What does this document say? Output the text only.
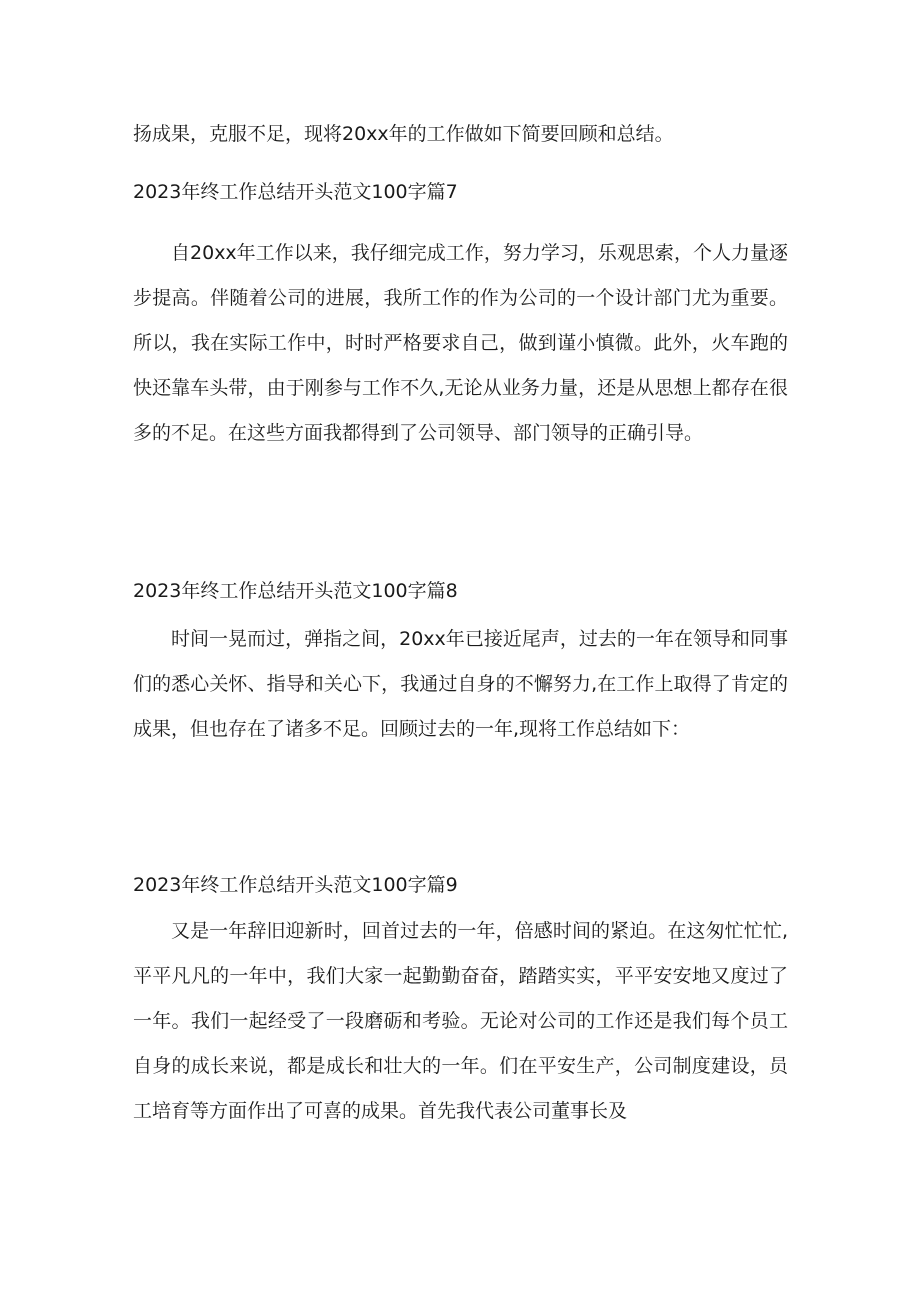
扬成果，克服不足，现将20xx年的工作做如下简要回顾和总结。
2023年终工作总结开头范文100字篇7
自20xx年工作以来，我仔细完成工作，努力学习，乐观思索，个人力量逐步提高。伴随着公司的进展，我所工作的作为公司的一个设计部门尤为重要。所以，我在实际工作中，时时严格要求自己，做到谨小慎微。此外，火车跑的快还靠车头带，由于刚参与工作不久,无论从业务力量，还是从思想上都存在很多的不足。在这些方面我都得到了公司领导、部门领导的正确引导。
2023年终工作总结开头范文100字篇8
时间一晃而过，弹指之间，20xx年已接近尾声，过去的一年在领导和同事们的悉心关怀、指导和关心下，我通过自身的不懈努力,在工作上取得了肯定的成果，但也存在了诸多不足。回顾过去的一年,现将工作总结如下：
2023年终工作总结开头范文100字篇9
又是一年辞旧迎新时，回首过去的一年，倍感时间的紧迫。在这匆忙忙忙,平平凡凡的一年中，我们大家一起勤勤奋奋，踏踏实实，平平安安地又度过了一年。我们一起经受了一段磨砺和考验。无论对公司的工作还是我们每个员工自身的成长来说，都是成长和壮大的一年。们在平安生产，公司制度建设，员工培育等方面作出了可喜的成果。首先我代表公司董事长及
